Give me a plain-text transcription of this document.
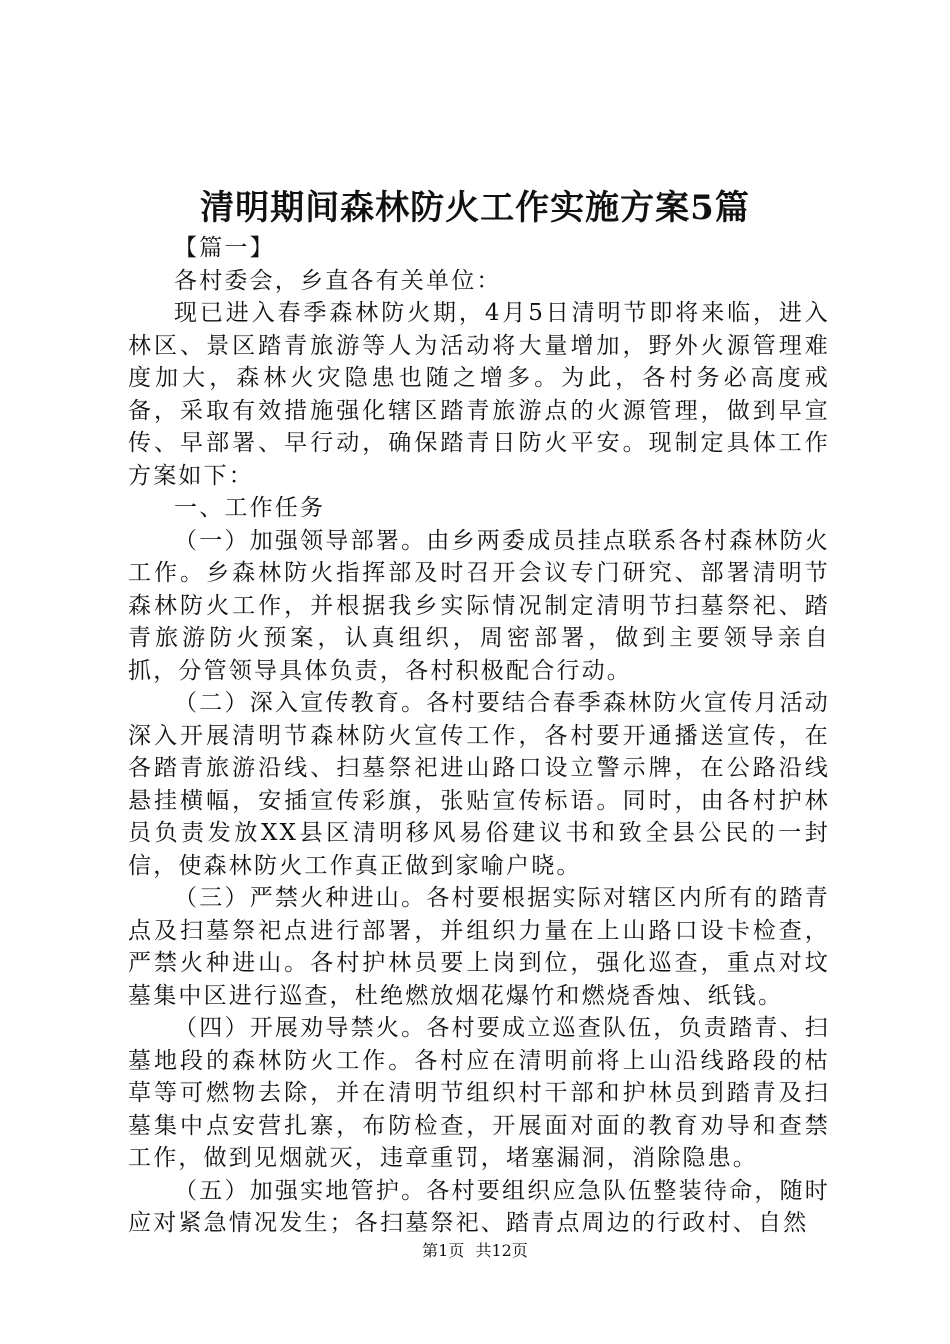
清明期间森林防火工作实施方案5篇

【篇一】

各村委会，乡直各有关单位：

现已进入春季森林防火期，4月5日清明节即将来临，进入林区、景区踏青旅游等人为活动将大量增加，野外火源管理难度加大，森林火灾隐患也随之增多。为此，各村务必高度戒备，采取有效措施强化辖区踏青旅游点的火源管理，做到早宣传、早部署、早行动，确保踏青日防火平安。现制定具体工作方案如下：

一、工作任务

（一）加强领导部署。由乡两委成员挂点联系各村森林防火工作。乡森林防火指挥部及时召开会议专门研究、部署清明节森林防火工作，并根据我乡实际情况制定清明节扫墓祭祀、踏青旅游防火预案，认真组织，周密部署，做到主要领导亲自抓，分管领导具体负责，各村积极配合行动。

（二）深入宣传教育。各村要结合春季森林防火宣传月活动深入开展清明节森林防火宣传工作，各村要开通播送宣传，在各踏青旅游沿线、扫墓祭祀进山路口设立警示牌，在公路沿线悬挂横幅，安插宣传彩旗，张贴宣传标语。同时，由各村护林员负责发放XX县区清明移风易俗建议书和致全县公民的一封信，使森林防火工作真正做到家喻户晓。

（三）严禁火种进山。各村要根据实际对辖区内所有的踏青点及扫墓祭祀点进行部署，并组织力量在上山路口设卡检查，严禁火种进山。各村护林员要上岗到位，强化巡查，重点对坟墓集中区进行巡查，杜绝燃放烟花爆竹和燃烧香烛、纸钱。

（四）开展劝导禁火。各村要成立巡查队伍，负责踏青、扫墓地段的森林防火工作。各村应在清明前将上山沿线路段的枯草等可燃物去除，并在清明节组织村干部和护林员到踏青及扫墓集中点安营扎寨，布防检查，开展面对面的教育劝导和查禁工作，做到见烟就灭，违章重罚，堵塞漏洞，消除隐患。

（五）加强实地管护。各村要组织应急队伍整装待命，随时应对紧急情况发生；各扫墓祭祀、踏青点周边的行政村、自然

第1页 共12页
